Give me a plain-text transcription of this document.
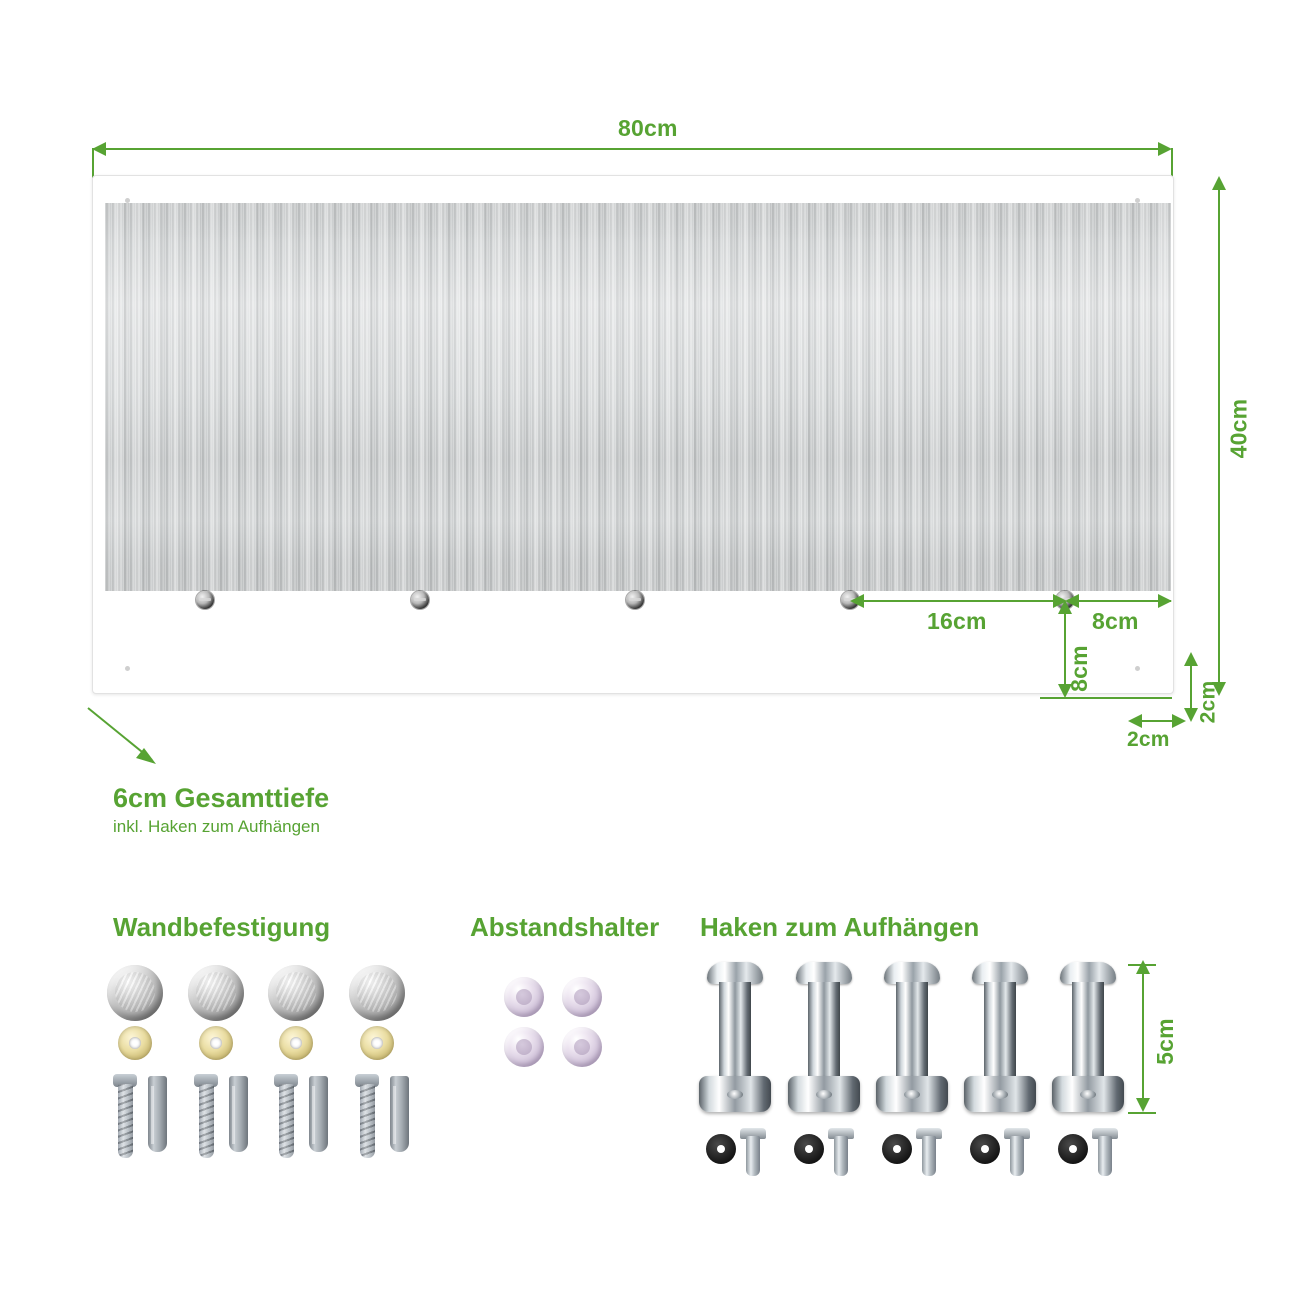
80cm
40cm
16cm	8cm
8cm
2cm
2cm
6cm Gesamttiefe
inkl. Haken zum Aufhängen
Wandbefestigung	Abstandshalter Haken zum Aufhängen
5cm
